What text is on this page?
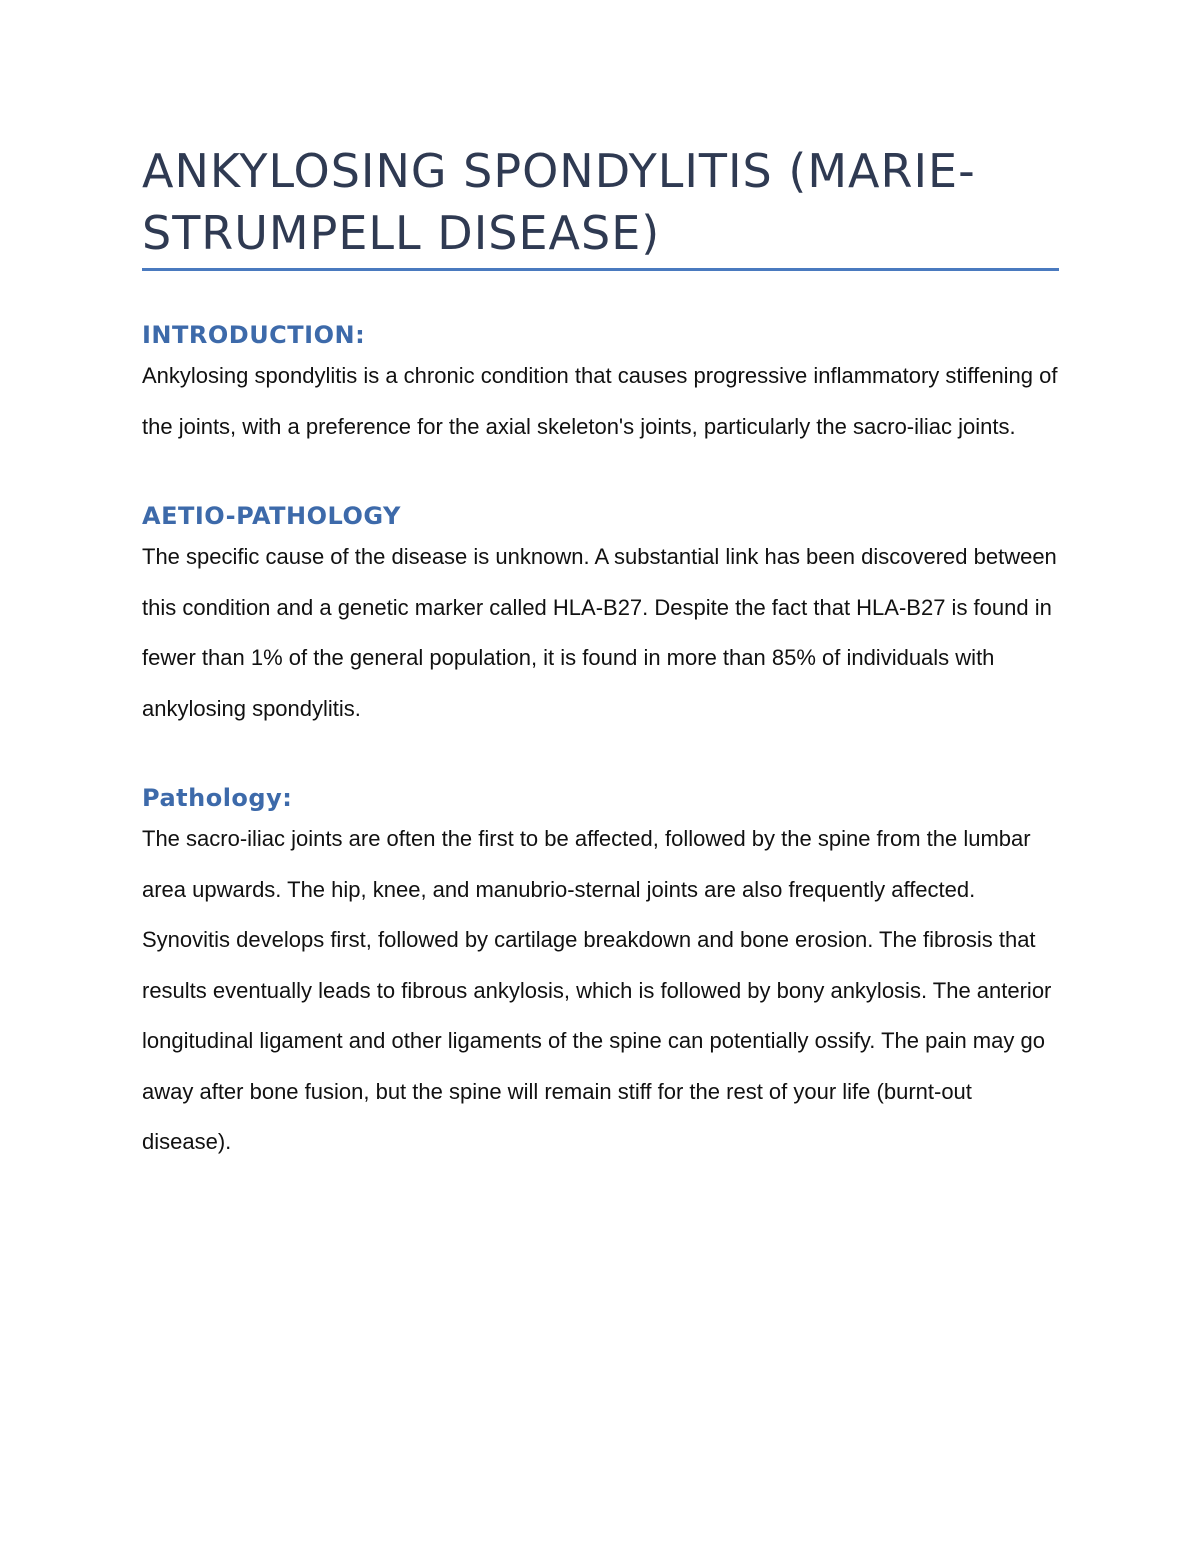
ANKYLOSING SPONDYLITIS (MARIE-STRUMPELL DISEASE)
INTRODUCTION:

Ankylosing spondylitis is a chronic condition that causes progressive inflammatory stiffening of the joints, with a preference for the axial skeleton's joints, particularly the sacro-iliac joints.

AETIO-PATHOLOGY

The specific cause of the disease is unknown. A substantial link has been discovered between this condition and a genetic marker called HLA-B27. Despite the fact that HLA-B27 is found in fewer than 1% of the general population, it is found in more than 85% of individuals with ankylosing spondylitis.

Pathology:

The sacro-iliac joints are often the first to be affected, followed by the spine from the lumbar area upwards. The hip, knee, and manubrio-sternal joints are also frequently affected. Synovitis develops first, followed by cartilage breakdown and bone erosion. The fibrosis that results eventually leads to fibrous ankylosis, which is followed by bony ankylosis. The anterior longitudinal ligament and other ligaments of the spine can potentially ossify. The pain may go away after bone fusion, but the spine will remain stiff for the rest of your life (burnt-out disease).
